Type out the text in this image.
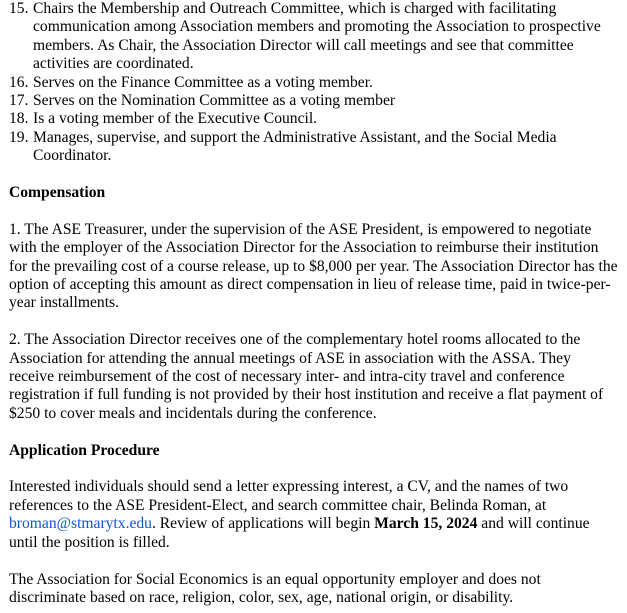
15. Chairs the Membership and Outreach Committee, which is charged with facilitating communication among Association members and promoting the Association to prospective members. As Chair, the Association Director will call meetings and see that committee activities are coordinated.
16. Serves on the Finance Committee as a voting member.
17. Serves on the Nomination Committee as a voting member
18. Is a voting member of the Executive Council.
19. Manages, supervise, and support the Administrative Assistant, and the Social Media Coordinator.
Compensation

1. The ASE Treasurer, under the supervision of the ASE President, is empowered to negotiate with the employer of the Association Director for the Association to reimburse their institution for the prevailing cost of a course release, up to $8,000 per year. The Association Director has the option of accepting this amount as direct compensation in lieu of release time, paid in twice-per-year installments.

2. The Association Director receives one of the complementary hotel rooms allocated to the Association for attending the annual meetings of ASE in association with the ASSA. They receive reimbursement of the cost of necessary inter- and intra-city travel and conference registration if full funding is not provided by their host institution and receive a flat payment of $250 to cover meals and incidentals during the conference.

Application Procedure

Interested individuals should send a letter expressing interest, a CV, and the names of two references to the ASE President-Elect, and search committee chair, Belinda Roman, at broman@stmarytx.edu. Review of applications will begin March 15, 2024 and will continue until the position is filled.

The Association for Social Economics is an equal opportunity employer and does not discriminate based on race, religion, color, sex, age, national origin, or disability.
